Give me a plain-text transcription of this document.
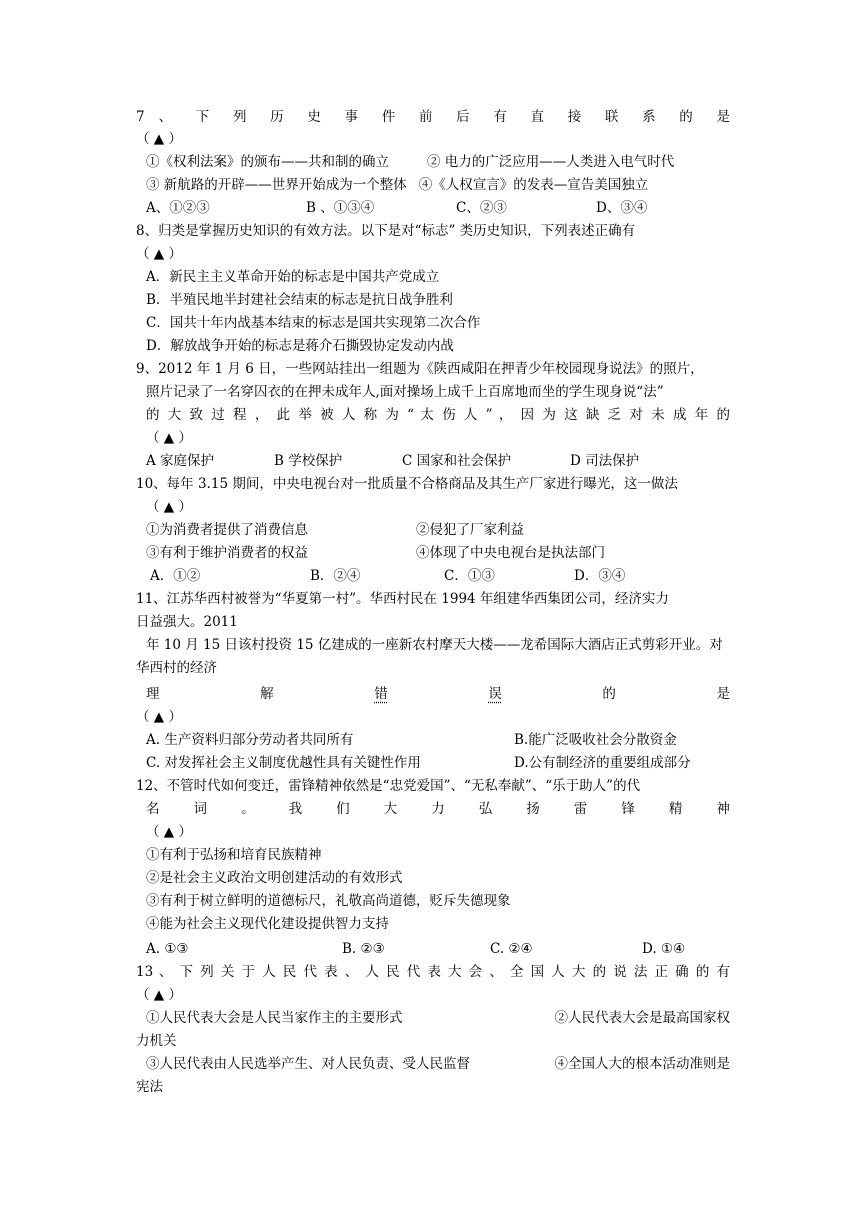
7 、 下 列 历 史 事 件 前 后 有 直 接 联 系 的 是
（ ▲ ）
①《权利法案》的颁布——共和制的确立	② 电力的广泛应用——人类进入电气时代
③ 新航路的开辟——世界开始成为一个整体 ④《人权宣言》的发表—宣告美国独立
A、①②③	B 、①③④	C、②③	D、③④
8、归类是掌握历史知识的有效方法。以下是对“标志” 类历史知识，下列表述正确有
（ ▲ ）
A．新民主主义革命开始的标志是中国共产党成立
B．半殖民地半封建社会结束的标志是抗日战争胜利
C．国共十年内战基本结束的标志是国共实现第二次合作
D．解放战争开始的标志是蒋介石撕毁协定发动内战
9、2012 年 1 月 6 日，一些网站挂出一组题为《陕西咸阳在押青少年校园现身说法》的照片，
照片记录了一名穿囚衣的在押未成年人,面对操场上成千上百席地而坐的学生现身说“法”
的 大 致 过 程 ， 此 举 被 人 称 为 “ 太 伤 人 ” ， 因 为 这 缺 乏 对 未 成 年 的
（ ▲ ）
A 家庭保护	B 学校保护	C 国家和社会保护	D 司法保护
10、每年 3.15 期间，中央电视台对一批质量不合格商品及其生产厂家进行曝光，这一做法
（ ▲ ）
①为消费者提供了消费信息	②侵犯了厂家利益
③有利于维护消费者的权益	④体现了中央电视台是执法部门
A．①②	B．②④	C．①③	D．③④
11、江苏华西村被誉为“华夏第一村”。华西村民在 1994 年组建华西集团公司，经济实力
日益强大。2011
年 10 月 15 日该村投资 15 亿建成的一座新农村摩天大楼——龙希国际大酒店正式剪彩开业。对
华西村的经济
理	解	错	误	的	是
（ ▲ ）
A. 生产资料归部分劳动者共同所有	B.能广泛吸收社会分散资金
C. 对发挥社会主义制度优越性具有关键性作用	D.公有制经济的重要组成部分
12、不管时代如何变迁，雷锋精神依然是“忠党爱国”、“无私奉献”、“乐于助人”的代
名	词	。	我	们	大	力	弘	扬	雷	锋	精	神
（ ▲ ）
①有利于弘扬和培育民族精神
②是社会主义政治文明创建活动的有效形式
③有利于树立鲜明的道德标尺，礼敬高尚道德，贬斥失德现象
④能为社会主义现代化建设提供智力支持
A. ①③	B. ②③	C. ②④	D. ①④
13 、 下 列 关 于 人 民 代 表 、 人 民 代 表 大 会 、 全 国 人 大 的 说 法 正 确 的 有
（ ▲ ）
①人民代表大会是人民当家作主的主要形式	②人民代表大会是最高国家权
力机关
③人民代表由人民选举产生、对人民负责、受人民监督	④全国人大的根本活动准则是
宪法
